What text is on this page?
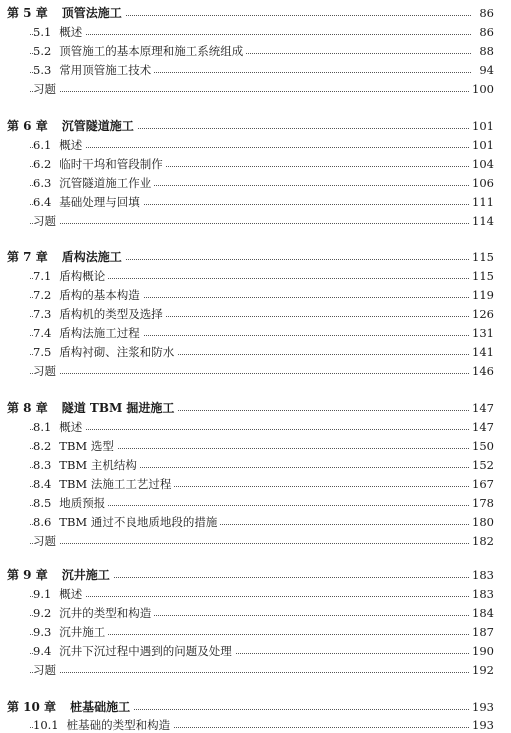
第 5 章 顶管法施工	86
5.1 概述	86
5.2 顶管施工的基本原理和施工系统组成	88
5.3 常用顶管施工技术	94
习题	100
第 6 章 沉管隧道施工	101
6.1 概述	101
6.2 临时干坞和管段制作	104
6.3 沉管隧道施工作业	106
6.4 基础处理与回填	111
习题	114
第 7 章 盾构法施工	115
7.1 盾构概论	115
7.2 盾构的基本构造	119
7.3 盾构机的类型及选择	126
7.4 盾构法施工过程	131
7.5 盾构衬砌、注浆和防水	141
习题	146
第 8 章 隧道 TBM 掘进施工	147
8.1 概述	147
8.2 TBM 选型	150
8.3 TBM 主机结构	152
8.4 TBM 法施工工艺过程	167
8.5 地质预报	178
8.6 TBM 通过不良地质地段的措施	180
习题	182
第 9 章 沉井施工	183
9.1 概述	183
9.2 沉井的类型和构造	184
9.3 沉井施工	187
9.4 沉井下沉过程中遇到的问题及处理	190
习题	192
第 10 章 桩基础施工	193
10.1 桩基础的类型和构造	193
